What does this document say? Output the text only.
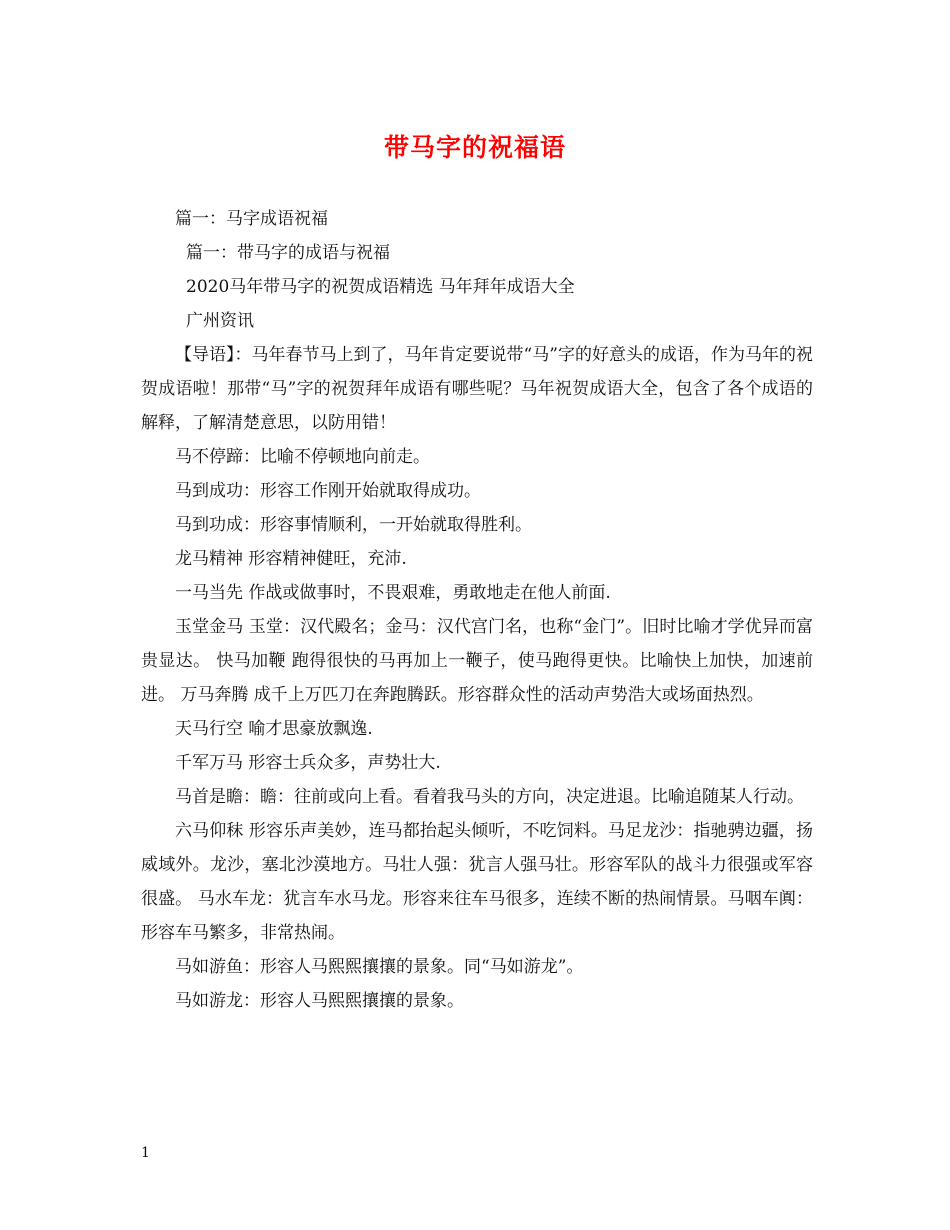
带马字的祝福语

篇一：马字成语祝福

篇一：带马字的成语与祝福

2020马年带马字的祝贺成语精选 马年拜年成语大全

广州资讯

【导语】：马年春节马上到了，马年肯定要说带“马”字的好意头的成语，作为马年的祝贺成语啦！那带“马”字的祝贺拜年成语有哪些呢？马年祝贺成语大全，包含了各个成语的解释，了解清楚意思，以防用错！

马不停蹄：比喻不停顿地向前走。

马到成功：形容工作刚开始就取得成功。

马到功成：形容事情顺利，一开始就取得胜利。

龙马精神 形容精神健旺，充沛.

一马当先 作战或做事时，不畏艰难，勇敢地走在他人前面.

玉堂金马 玉堂：汉代殿名；金马：汉代宫门名，也称“金门”。旧时比喻才学优异而富贵显达。 快马加鞭 跑得很快的马再加上一鞭子，使马跑得更快。比喻快上加快，加速前进。 万马奔腾 成千上万匹刀在奔跑腾跃。形容群众性的活动声势浩大或场面热烈。

天马行空 喻才思豪放飘逸.

千军万马 形容士兵众多，声势壮大.

马首是瞻：瞻：往前或向上看。看着我马头的方向，决定进退。比喻追随某人行动。

六马仰秣 形容乐声美妙，连马都抬起头倾听，不吃饲料。马足龙沙：指驰骋边疆，扬威域外。龙沙，塞北沙漠地方。马壮人强：犹言人强马壮。形容军队的战斗力很强或军容很盛。 马水车龙：犹言车水马龙。形容来往车马很多，连续不断的热闹情景。马咽车阗：形容车马繁多，非常热闹。

马如游鱼：形容人马熙熙攘攘的景象。同“马如游龙”。

马如游龙：形容人马熙熙攘攘的景象。

1
